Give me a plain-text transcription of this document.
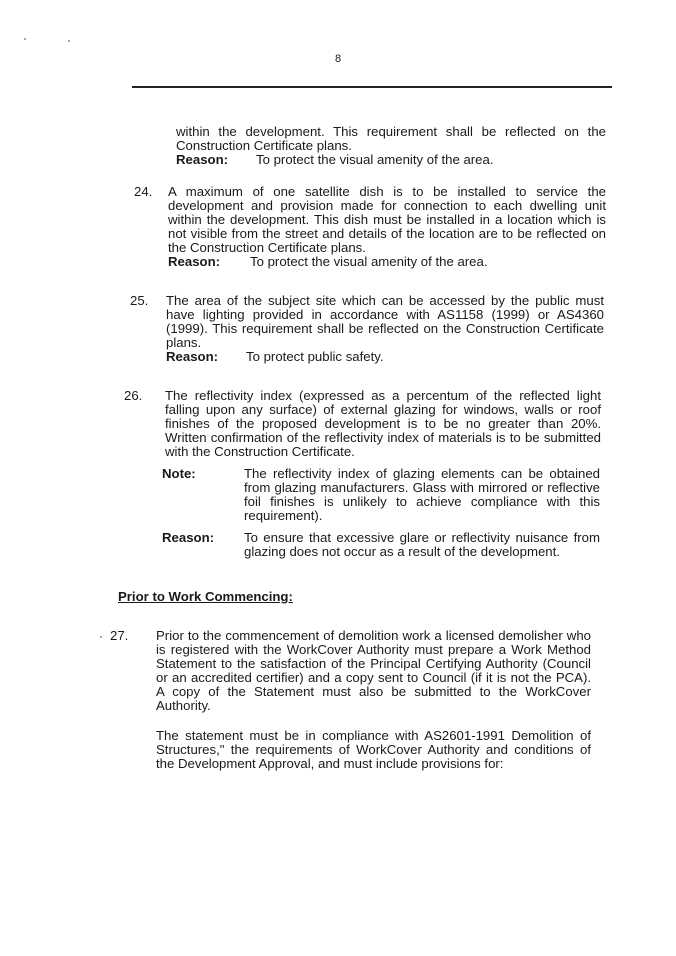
8
within the development. This requirement shall be reflected on the Construction Certificate plans.
Reason: To protect the visual amenity of the area.
24. A maximum of one satellite dish is to be installed to service the development and provision made for connection to each dwelling unit within the development. This dish must be installed in a location which is not visible from the street and details of the location are to be reflected on the Construction Certificate plans.
Reason: To protect the visual amenity of the area.
25. The area of the subject site which can be accessed by the public must have lighting provided in accordance with AS1158 (1999) or AS4360 (1999). This requirement shall be reflected on the Construction Certificate plans.
Reason: To protect public safety.
26. The reflectivity index (expressed as a percentum of the reflected light falling upon any surface) of external glazing for windows, walls or roof finishes of the proposed development is to be no greater than 20%. Written confirmation of the reflectivity index of materials is to be submitted with the Construction Certificate.
Note:	The reflectivity index of glazing elements can be obtained from glazing manufacturers. Glass with mirrored or reflective foil finishes is unlikely to achieve compliance with this requirement).
Reason: To ensure that excessive glare or reflectivity nuisance from glazing does not occur as a result of the development.
Prior to Work Commencing:
27. Prior to the commencement of demolition work a licensed demolisher who is registered with the WorkCover Authority must prepare a Work Method Statement to the satisfaction of the Principal Certifying Authority (Council or an accredited certifier) and a copy sent to Council (if it is not the PCA). A copy of the Statement must also be submitted to the WorkCover Authority.
The statement must be in compliance with AS2601-1991 Demolition of Structures," the requirements of WorkCover Authority and conditions of the Development Approval, and must include provisions for:
